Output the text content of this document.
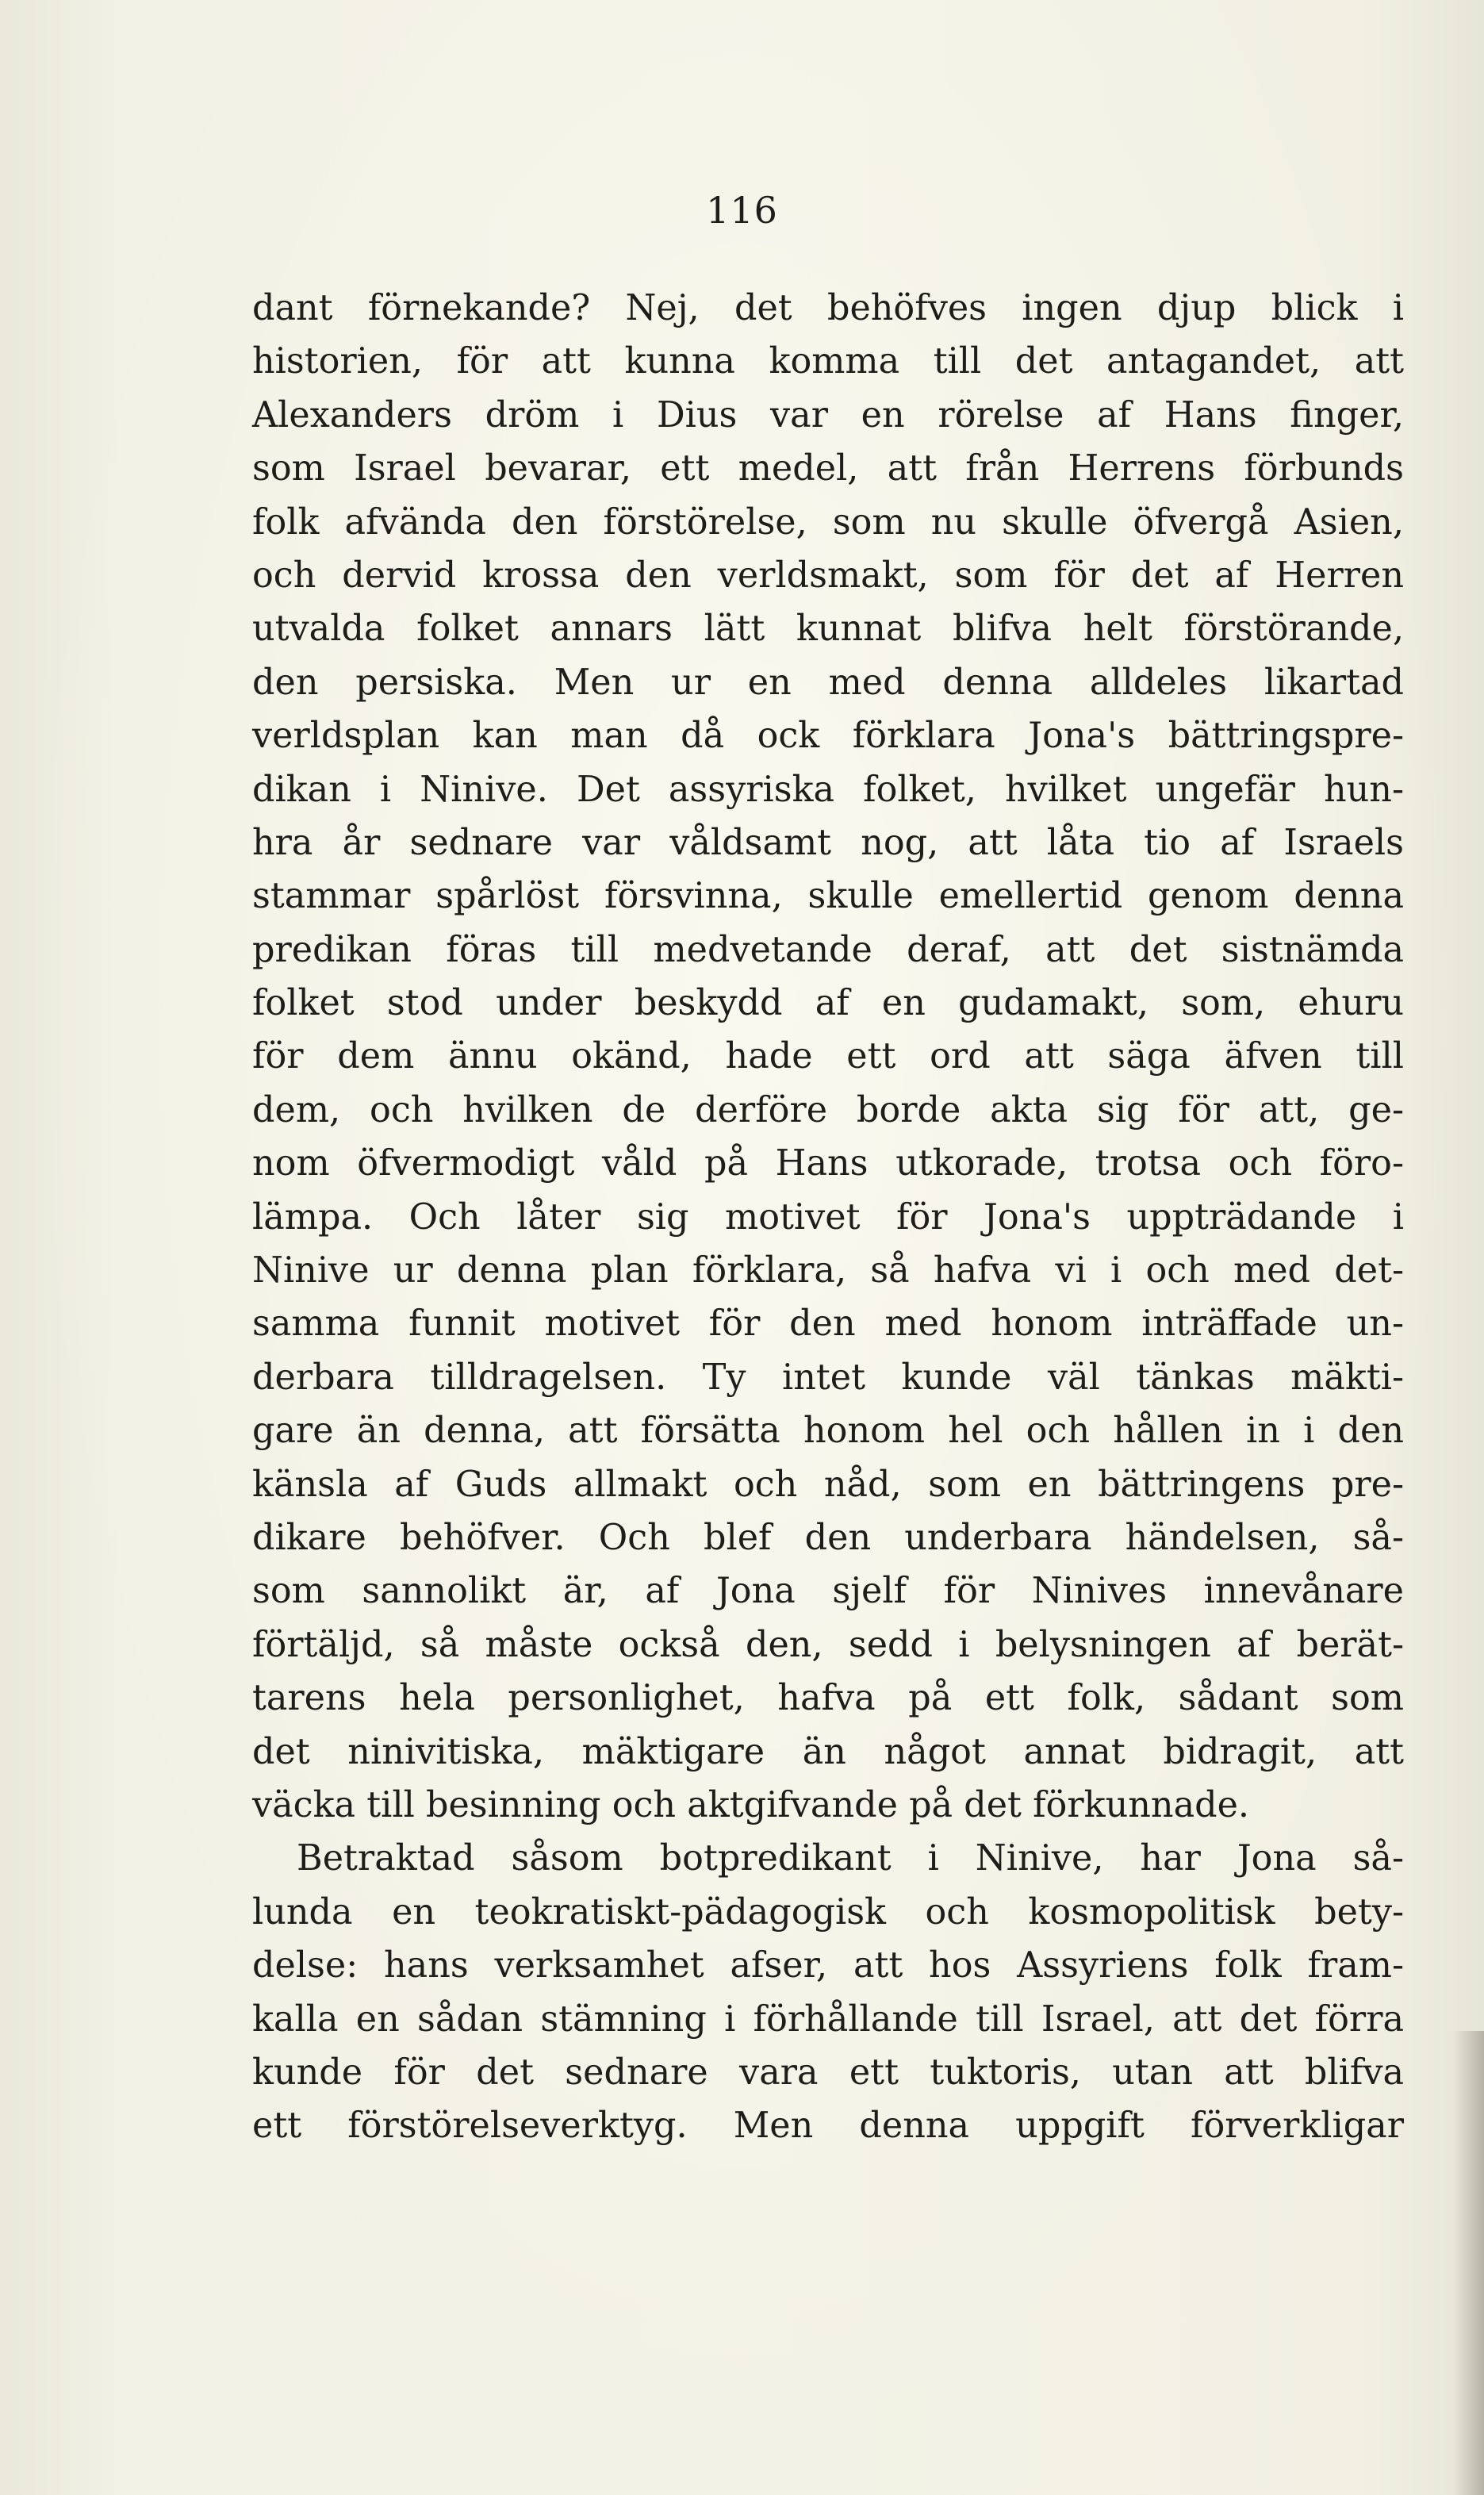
116
dant förnekande? Nej, det behöfves ingen djup blick i
historien, för att kunna komma till det antagandet, att
Alexanders dröm i Dius var en rörelse af Hans finger,
som Israel bevarar, ett medel, att från Herrens förbunds
folk afvända den förstörelse, som nu skulle öfvergå Asien,
och dervid krossa den verldsmakt, som för det af Herren
utvalda folket annars lätt kunnat blifva helt förstörande,
den persiska. Men ur en med denna alldeles likartad
verldsplan kan man då ock förklara Jona's bättringspre-
dikan i Ninive. Det assyriska folket, hvilket ungefär hun-
hra år sednare var våldsamt nog, att låta tio af Israels
stammar spårlöst försvinna, skulle emellertid genom denna
predikan föras till medvetande deraf, att det sistnämda
folket stod under beskydd af en gudamakt, som, ehuru
för dem ännu okänd, hade ett ord att säga äfven till
dem, och hvilken de derföre borde akta sig för att, ge-
nom öfvermodigt våld på Hans utkorade, trotsa och föro-
lämpa. Och låter sig motivet för Jona's uppträdande i
Ninive ur denna plan förklara, så hafva vi i och med det-
samma funnit motivet för den med honom inträffade un-
derbara tilldragelsen. Ty intet kunde väl tänkas mäkti-
gare än denna, att försätta honom hel och hållen in i den
känsla af Guds allmakt och nåd, som en bättringens pre-
dikare behöfver. Och blef den underbara händelsen, så-
som sannolikt är, af Jona sjelf för Ninives innevånare
förtäljd, så måste också den, sedd i belysningen af berät-
tarens hela personlighet, hafva på ett folk, sådant som
det ninivitiska, mäktigare än något annat bidragit, att
väcka till besinning och aktgifvande på det förkunnade.
Betraktad såsom botpredikant i Ninive, har Jona så-
lunda en teokratiskt-pädagogisk och kosmopolitisk bety-
delse: hans verksamhet afser, att hos Assyriens folk fram-
kalla en sådan stämning i förhållande till Israel, att det förra
kunde för det sednare vara ett tuktoris, utan att blifva
ett förstörelseverktyg. Men denna uppgift förverkligar
